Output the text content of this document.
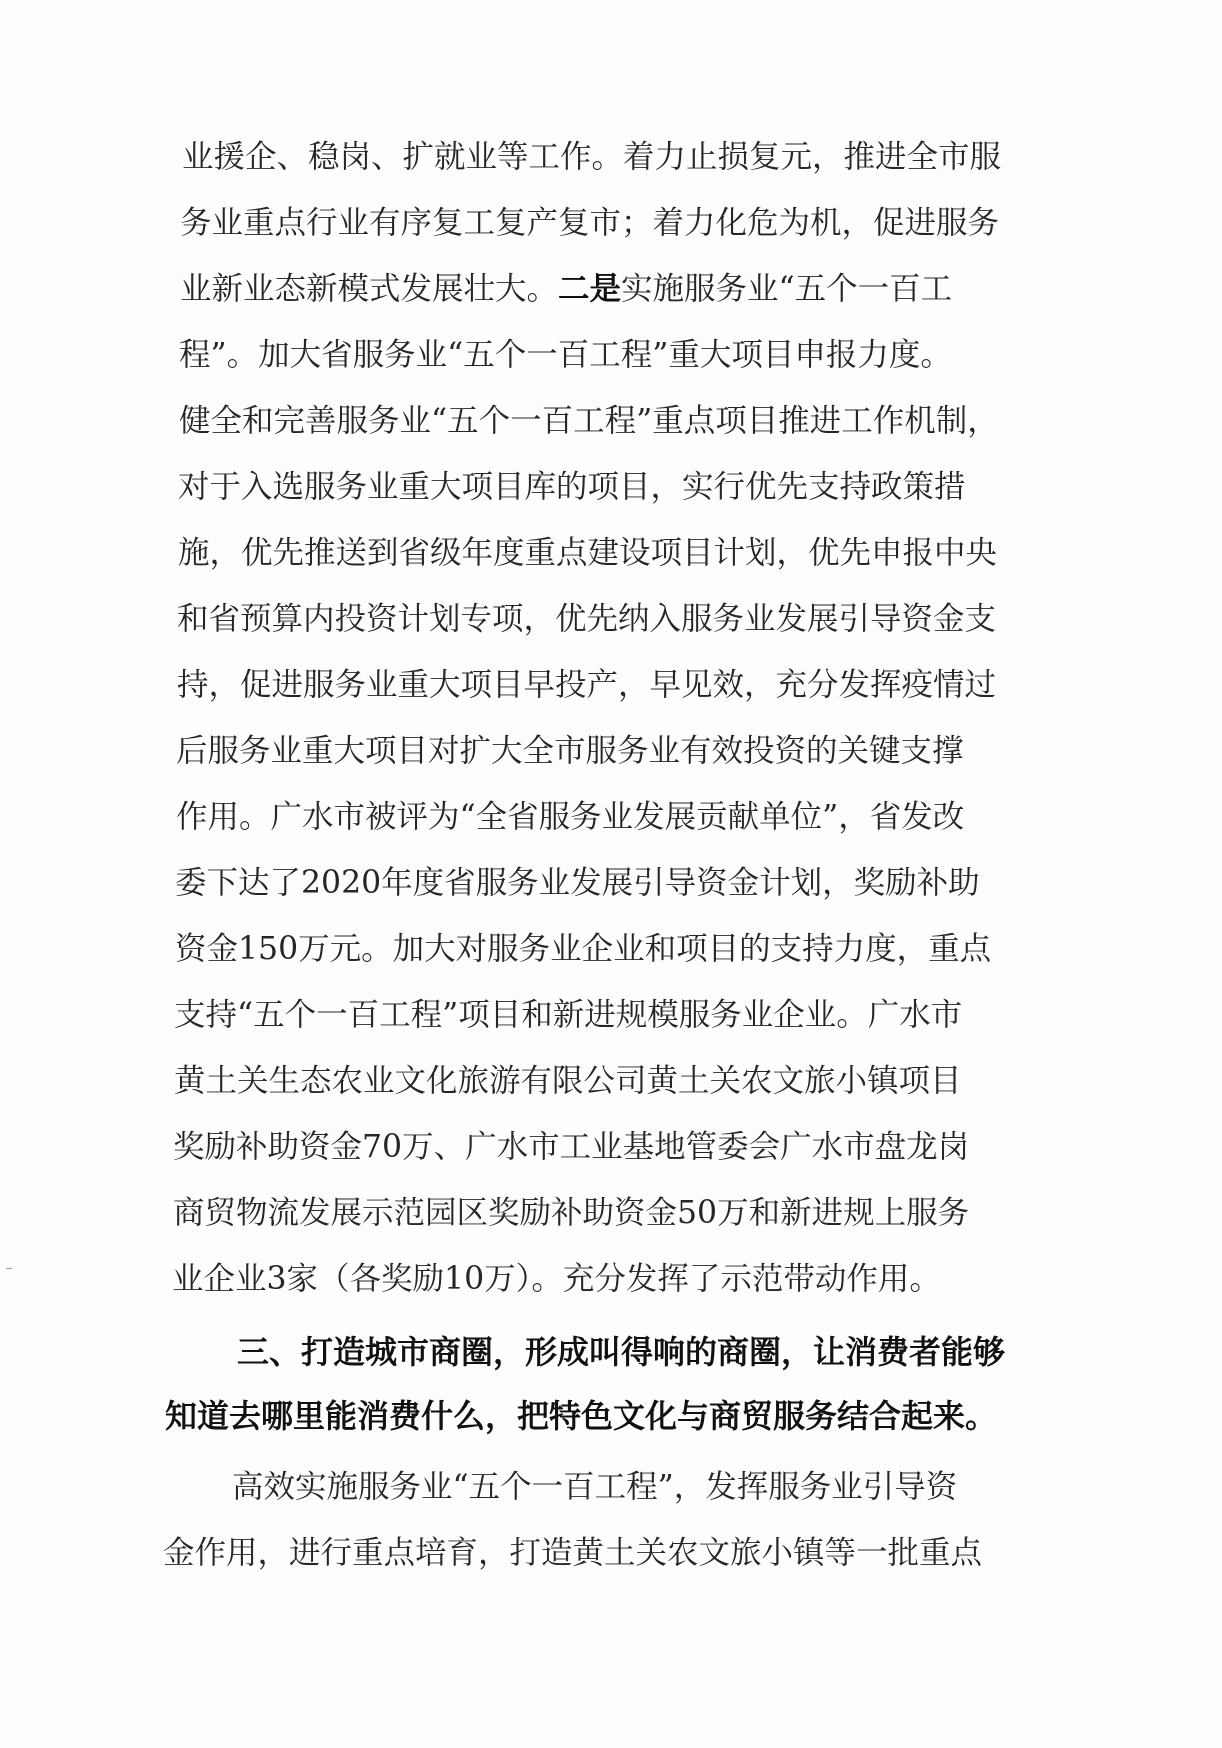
业援企、稳岗、扩就业等工作。着力止损复元，推进全市服
务业重点行业有序复工复产复市；着力化危为机，促进服务
业新业态新模式发展壮大。二是实施服务业“五个一百工
程”。加大省服务业“五个一百工程”重大项目申报力度。
健全和完善服务业“五个一百工程”重点项目推进工作机制，
对于入选服务业重大项目库的项目，实行优先支持政策措
施，优先推送到省级年度重点建设项目计划，优先申报中央
和省预算内投资计划专项，优先纳入服务业发展引导资金支
持，促进服务业重大项目早投产，早见效，充分发挥疫情过
后服务业重大项目对扩大全市服务业有效投资的关键支撑
作用。广水市被评为“全省服务业发展贡献单位”，省发改
委下达了2020年度省服务业发展引导资金计划，奖励补助
资金150万元。加大对服务业企业和项目的支持力度，重点
支持“五个一百工程”项目和新进规模服务业企业。广水市
黄土关生态农业文化旅游有限公司黄土关农文旅小镇项目
奖励补助资金70万、广水市工业基地管委会广水市盘龙岗
商贸物流发展示范园区奖励补助资金50万和新进规上服务
业企业3家（各奖励10万）。充分发挥了示范带动作用。
三、打造城市商圈，形成叫得响的商圈，让消费者能够
知道去哪里能消费什么，把特色文化与商贸服务结合起来。
高效实施服务业“五个一百工程”，发挥服务业引导资
金作用，进行重点培育，打造黄土关农文旅小镇等一批重点
